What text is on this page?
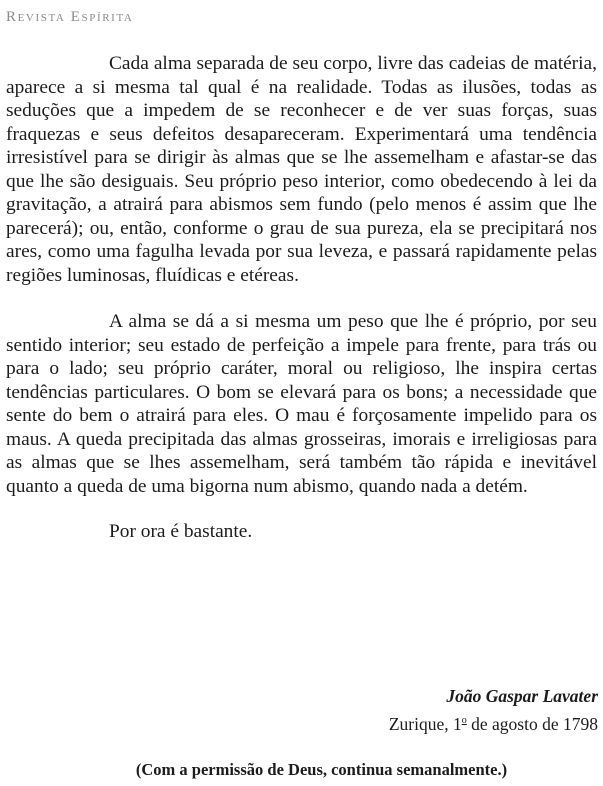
Revista Espírita

Cada alma separada de seu corpo, livre das cadeias de matéria, aparece a si mesma tal qual é na realidade. Todas as ilusões, todas as seduções que a impedem de se reconhecer e de ver suas forças, suas fraquezas e seus defeitos desapareceram. Experimentará uma tendência irresistível para se dirigir às almas que se lhe assemelham e afastar-se das que lhe são desiguais. Seu próprio peso interior, como obedecendo à lei da gravitação, a atrairá para abismos sem fundo (pelo menos é assim que lhe parecerá); ou, então, conforme o grau de sua pureza, ela se precipitará nos ares, como uma fagulha levada por sua leveza, e passará rapidamente pelas regiões luminosas, fluídicas e etéreas.

A alma se dá a si mesma um peso que lhe é próprio, por seu sentido interior; seu estado de perfeição a impele para frente, para trás ou para o lado; seu próprio caráter, moral ou religioso, lhe inspira certas tendências particulares. O bom se elevará para os bons; a necessidade que sente do bem o atrairá para eles. O mau é forçosamente impelido para os maus. A queda precipitada das almas grosseiras, imorais e irreligiosas para as almas que se lhes assemelham, será também tão rápida e inevitável quanto a queda de uma bigorna num abismo, quando nada a detém.

Por ora é bastante.

João Gaspar Lavater
Zurique, 1$^o$ de agosto de 1798
(Com a permissão de Deus, continua semanalmente.)
